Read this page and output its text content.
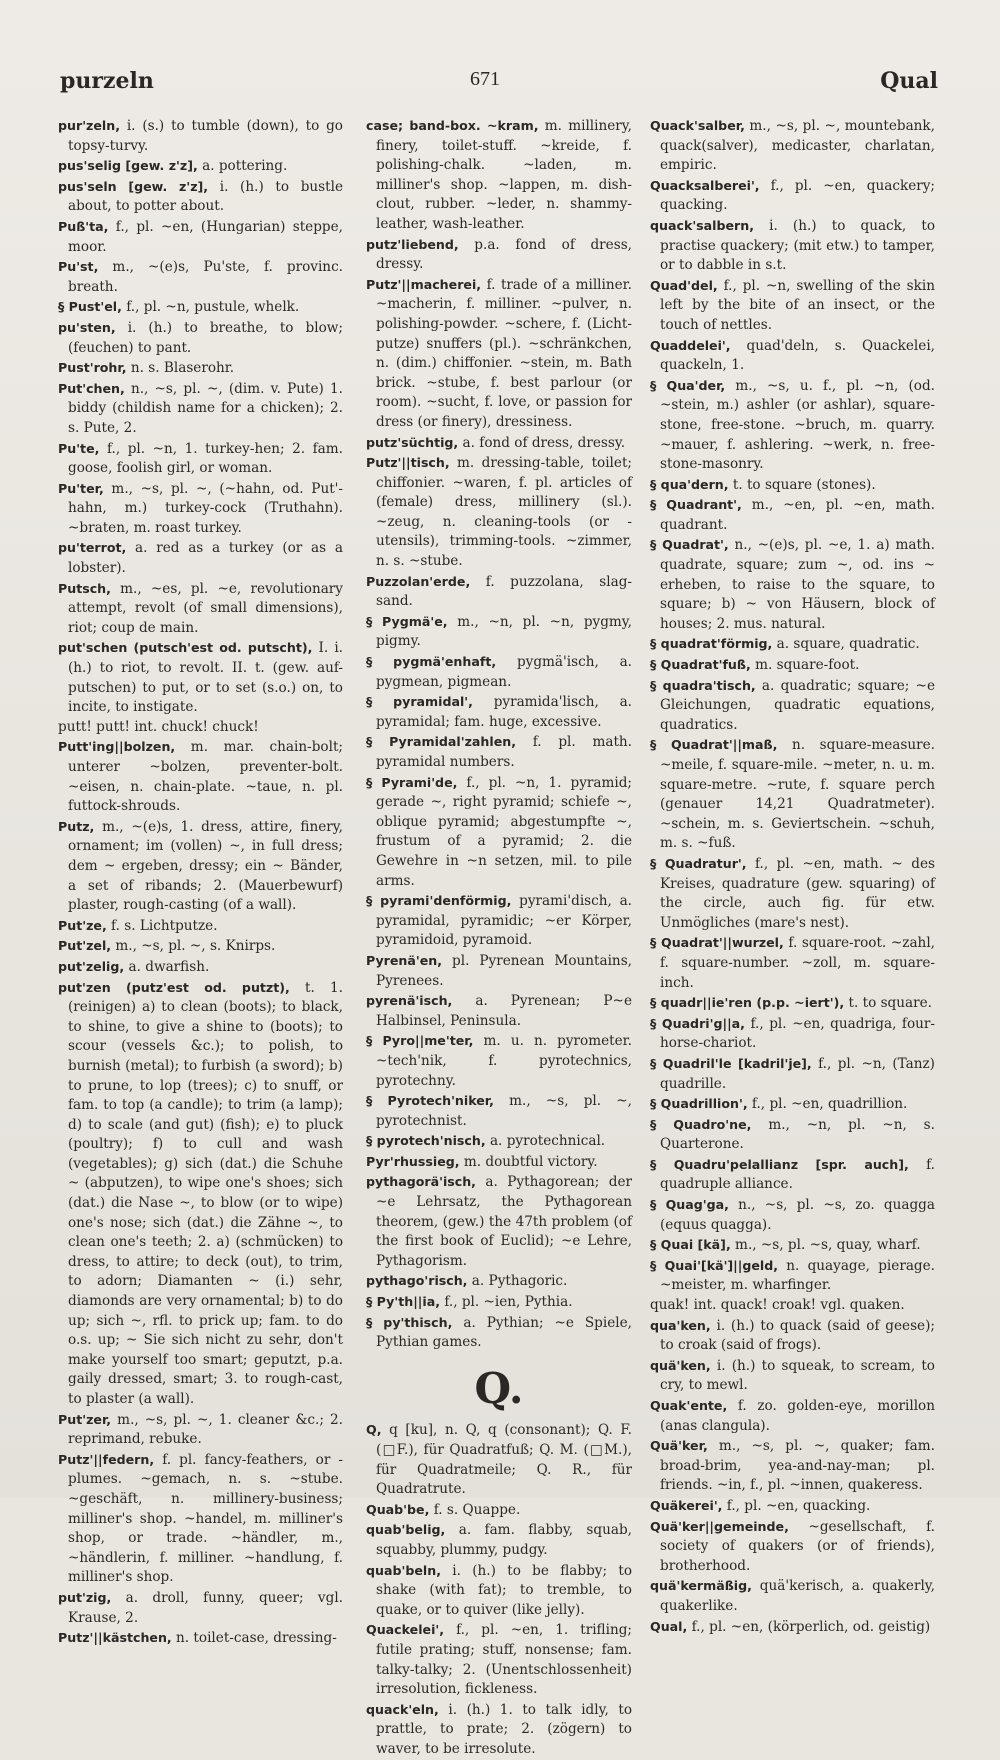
purzeln	671	Qual

pur'zeln, i. (s.) to tumble (down), to go topsy-turvy.

pus'selig [gew. z'z], a. pottering.

pus'seln [gew. z'z], i. (h.) to bustle about, to potter about.

Puß'ta, f., pl. ~en, (Hungarian) steppe, moor.

Pu'st, m., ~(e)s, Pu'ste, f. provinc. breath.

§ Pust'el, f., pl. ~n, pustule, whelk.

pu'sten, i. (h.) to breathe, to blow; (feuchen) to pant.

Pust'rohr, n. s. Blaserohr.

Put'chen, n., ~s, pl. ~, (dim. v. Pute) 1. biddy (childish name for a chicken); 2. s. Pute, 2.

Pu'te, f., pl. ~n, 1. turkey-hen; 2. fam. goose, foolish girl, or woman.

Pu'ter, m., ~s, pl. ~, (~hahn, od. Put'-hahn, m.) turkey-cock (Truthahn). ~braten, m. roast turkey.

pu'terrot, a. red as a turkey (or as a lobster).

Putsch, m., ~es, pl. ~e, revolutionary attempt, revolt (of small dimensions), riot; coup de main.

put'schen (putsch'est od. putscht), I. i. (h.) to riot, to revolt. II. t. (gew. auf-putschen) to put, or to set (s.o.) on, to incite, to instigate.

putt! putt! int. chuck! chuck!

Putt'ing||bolzen, m. mar. chain-bolt; unterer ~bolzen, preventer-bolt. ~eisen, n. chain-plate. ~taue, n. pl. futtock-shrouds.

Putz, m., ~(e)s, 1. dress, attire, finery, ornament; im (vollen) ~, in full dress; dem ~ ergeben, dressy; ein ~ Bänder, a set of ribands; 2. (Mauerbewurf) plaster, rough-casting (of a wall).

Put'ze, f. s. Lichtputze.

Put'zel, m., ~s, pl. ~, s. Knirps.

put'zelig, a. dwarfish.

put'zen (putz'est od. putzt), t. 1. (reinigen) a) to clean (boots); to black, to shine, to give a shine to (boots); to scour (vessels &c.); to polish, to burnish (metal); to furbish (a sword); b) to prune, to lop (trees); c) to snuff, or fam. to top (a candle); to trim (a lamp); d) to scale (and gut) (fish); e) to pluck (poultry); f) to cull and wash (vegetables); g) sich (dat.) die Schuhe ~ (abputzen), to wipe one's shoes; sich (dat.) die Nase ~, to blow (or to wipe) one's nose; sich (dat.) die Zähne ~, to clean one's teeth; 2. a) (schmücken) to dress, to attire; to deck (out), to trim, to adorn; Diamanten ~ (i.) sehr, diamonds are very ornamental; b) to do up; sich ~, rfl. to prick up; fam. to do o.s. up; ~ Sie sich nicht zu sehr, don't make yourself too smart; geputzt, p.a. gaily dressed, smart; 3. to rough-cast, to plaster (a wall).

Put'zer, m., ~s, pl. ~, 1. cleaner &c.; 2. reprimand, rebuke.

Putz'||federn, f. pl. fancy-feathers, or -plumes. ~gemach, n. s. ~stube. ~geschäft, n. millinery-business; milliner's shop. ~handel, m. milliner's shop, or trade. ~händler, m., ~händlerin, f. milliner. ~handlung, f. milliner's shop.

put'zig, a. droll, funny, queer; vgl. Krause, 2.

Putz'||kästchen, n. toilet-case, dressing-

case; band-box. ~kram, m. millinery, finery, toilet-stuff. ~kreide, f. polishing-chalk. ~laden, m. milliner's shop. ~lappen, m. dish-clout, rubber. ~leder, n. shammy-leather, wash-leather.

putz'liebend, p.a. fond of dress, dressy.

Putz'||macherei, f. trade of a milliner. ~macherin, f. milliner. ~pulver, n. polishing-powder. ~schere, f. (Licht-putze) snuffers (pl.). ~schränkchen, n. (dim.) chiffonier. ~stein, m. Bath brick. ~stube, f. best parlour (or room). ~sucht, f. love, or passion for dress (or finery), dressiness.

putz'süchtig, a. fond of dress, dressy.

Putz'||tisch, m. dressing-table, toilet; chiffonier. ~waren, f. pl. articles of (female) dress, millinery (sl.). ~zeug, n. cleaning-tools (or -utensils), trimming-tools. ~zimmer, n. s. ~stube.

Puzzolan'erde, f. puzzolana, slag-sand.

§ Pygmä'e, m., ~n, pl. ~n, pygmy, pigmy.

§ pygmä'enhaft, pygmä'isch, a. pygmean, pigmean.

§ pyramidal', pyramida'lisch, a. pyramidal; fam. huge, excessive.

§ Pyramidal'zahlen, f. pl. math. pyramidal numbers.

§ Pyrami'de, f., pl. ~n, 1. pyramid; gerade ~, right pyramid; schiefe ~, oblique pyramid; abgestumpfte ~, frustum of a pyramid; 2. die Gewehre in ~n setzen, mil. to pile arms.

§ pyrami'denförmig, pyrami'disch, a. pyramidal, pyramidic; ~er Körper, pyramidoid, pyramoid.

Pyrenä'en, pl. Pyrenean Mountains, Pyrenees.

pyrenä'isch, a. Pyrenean; P~e Halbinsel, Peninsula.

§ Pyro||me'ter, m. u. n. pyrometer. ~tech'nik, f. pyrotechnics, pyrotechny.

§ Pyrotech'niker, m., ~s, pl. ~, pyrotechnist.

§ pyrotech'nisch, a. pyrotechnical.

Pyr'rhussieg, m. doubtful victory.

pythagorä'isch, a. Pythagorean; der ~e Lehrsatz, the Pythagorean theorem, (gew.) the 47th problem (of the first book of Euclid); ~e Lehre, Pythagorism.

pythago'risch, a. Pythagoric.

§ Py'th||ia, f., pl. ~ien, Pythia.

§ py'thisch, a. Pythian; ~e Spiele, Pythian games.

Q.

Q, q [ku], n. Q, q (consonant); Q. F. (□F.), für Quadratfuß; Q. M. (□M.), für Quadratmeile; Q. R., für Quadratrute.

Quab'be, f. s. Quappe.

quab'belig, a. fam. flabby, squab, squabby, plummy, pudgy.

quab'beln, i. (h.) to be flabby; to shake (with fat); to tremble, to quake, or to quiver (like jelly).

Quackelei', f., pl. ~en, 1. trifling; futile prating; stuff, nonsense; fam. talky-talky; 2. (Unentschlossenheit) irresolution, fickleness.

quack'eln, i. (h.) 1. to talk idly, to prattle, to prate; 2. (zögern) to waver, to be irresolute.

Quack'salber, m., ~s, pl. ~, mountebank, quack(salver), medicaster, charlatan, empiric.

Quacksalberei', f., pl. ~en, quackery; quacking.

quack'salbern, i. (h.) to quack, to practise quackery; (mit etw.) to tamper, or to dabble in s.t.

Quad'del, f., pl. ~n, swelling of the skin left by the bite of an insect, or the touch of nettles.

Quaddelei', quad'deln, s. Quackelei, quackeln, 1.

§ Qua'der, m., ~s, u. f., pl. ~n, (od. ~stein, m.) ashler (or ashlar), square-stone, free-stone. ~bruch, m. quarry. ~mauer, f. ashlering. ~werk, n. free-stone-masonry.

§ qua'dern, t. to square (stones).

§ Quadrant', m., ~en, pl. ~en, math. quadrant.

§ Quadrat', n., ~(e)s, pl. ~e, 1. a) math. quadrate, square; zum ~, od. ins ~ erheben, to raise to the square, to square; b) ~ von Häusern, block of houses; 2. mus. natural.

§ quadrat'förmig, a. square, quadratic.

§ Quadrat'fuß, m. square-foot.

§ quadra'tisch, a. quadratic; square; ~e Gleichungen, quadratic equations, quadratics.

§ Quadrat'||maß, n. square-measure. ~meile, f. square-mile. ~meter, n. u. m. square-metre. ~rute, f. square perch (genauer 14,21 Quadratmeter). ~schein, m. s. Geviertschein. ~schuh, m. s. ~fuß.

§ Quadratur', f., pl. ~en, math. ~ des Kreises, quadrature (gew. squaring) of the circle, auch fig. für etw. Unmögliches (mare's nest).

§ Quadrat'||wurzel, f. square-root. ~zahl, f. square-number. ~zoll, m. square-inch.

§ quadr||ie'ren (p.p. ~iert'), t. to square.

§ Quadri'g||a, f., pl. ~en, quadriga, four-horse-chariot.

§ Quadril'le [kadril'je], f., pl. ~n, (Tanz) quadrille.

§ Quadrillion', f., pl. ~en, quadrillion.

§ Quadro'ne, m., ~n, pl. ~n, s. Quarterone.

§ Quadru'pelallianz [spr. auch], f. quadruple alliance.

§ Quag'ga, n., ~s, pl. ~s, zo. quagga (equus quagga).

§ Quai [kä], m., ~s, pl. ~s, quay, wharf.

§ Quai'[kä']||geld, n. quayage, pierage. ~meister, m. wharfinger.

quak! int. quack! croak! vgl. quaken.

qua'ken, i. (h.) to quack (said of geese); to croak (said of frogs).

quä'ken, i. (h.) to squeak, to scream, to cry, to mewl.

Quak'ente, f. zo. golden-eye, morillon (anas clangula).

Quä'ker, m., ~s, pl. ~, quaker; fam. broad-brim, yea-and-nay-man; pl. friends. ~in, f., pl. ~innen, quakeress.

Quäkerei', f., pl. ~en, quacking.

Quä'ker||gemeinde, ~gesellschaft, f. society of quakers (or of friends), brotherhood.

quä'kermäßig, quä'kerisch, a. quakerly, quakerlike.

Qual, f., pl. ~en, (körperlich, od. geistig)
